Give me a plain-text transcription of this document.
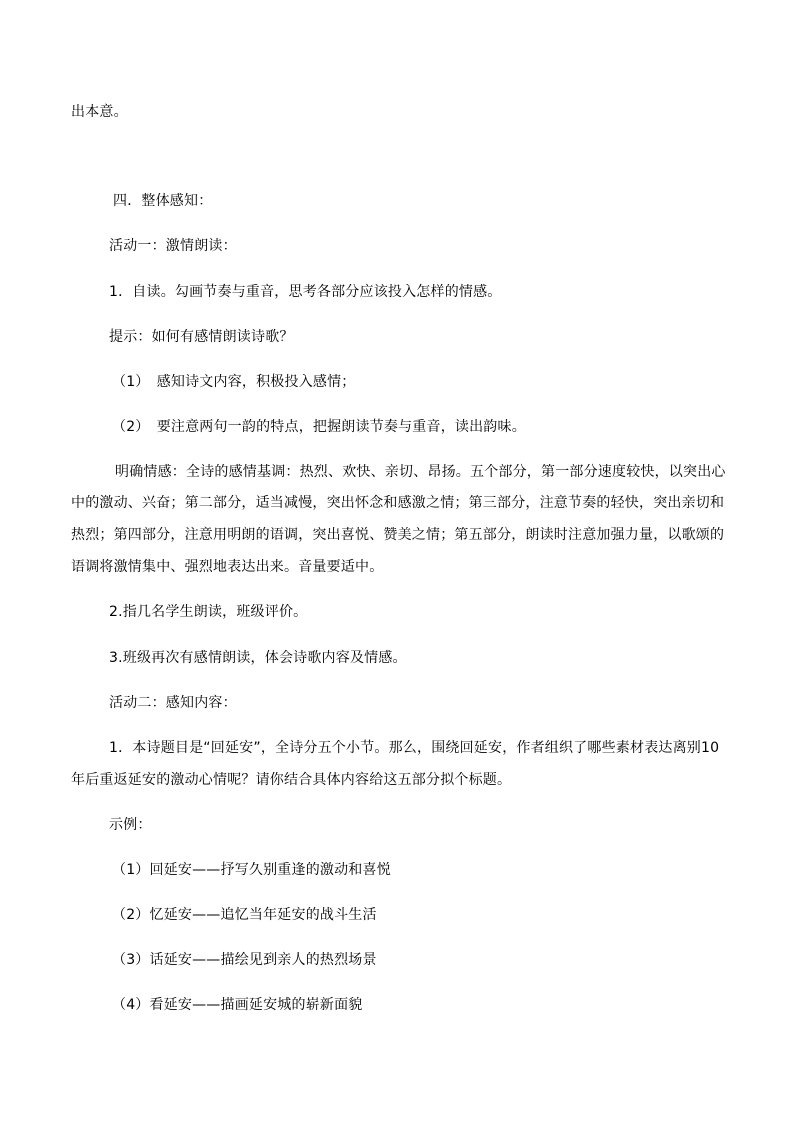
出本意。
四．整体感知：
活动一：激情朗读：
1．自读。勾画节奏与重音，思考各部分应该投入怎样的情感。
提示：如何有感情朗读诗歌？
（1）　感知诗文内容，积极投入感情；
（2）　要注意两句一韵的特点，把握朗读节奏与重音，读出韵味。
明确情感：全诗的感情基调：热烈、欢快、亲切、昂扬。五个部分，第一部分速度较快，以突出心
中的激动、兴奋；第二部分，适当减慢，突出怀念和感激之情；第三部分，注意节奏的轻快，突出亲切和
热烈；第四部分，注意用明朗的语调，突出喜悦、赞美之情；第五部分，朗读时注意加强力量，以歌颂的
语调将激情集中、强烈地表达出来。音量要适中。
2.指几名学生朗读，班级评价。
3.班级再次有感情朗读，体会诗歌内容及情感。
活动二：感知内容：
1．本诗题目是“回延安”，全诗分五个小节。那么，围绕回延安，作者组织了哪些素材表达离别10
年后重返延安的激动心情呢？请你结合具体内容给这五部分拟个标题。
示例：
（1）回延安——抒写久别重逢的激动和喜悦
（2）忆延安——追忆当年延安的战斗生活
（3）话延安——描绘见到亲人的热烈场景
（4）看延安——描画延安城的崭新面貌
